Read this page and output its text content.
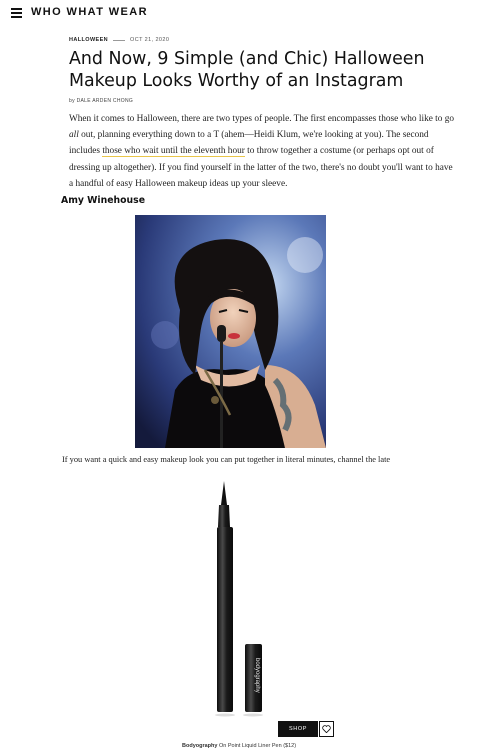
WHO WHAT WEAR
HALLOWEEN	OCT 21, 2020
And Now, 9 Simple (and Chic) Halloween Makeup Looks Worthy of an Instagram
by DALE ARDEN CHONG

When it comes to Halloween, there are two types of people. The first encompasses those who like to go all out, planning everything down to a T (ahem—Heidi Klum, we're looking at you). The second includes those who wait until the eleventh hour to throw together a costume (or perhaps opt out of dressing up altogether). If you find yourself in the latter of the two, there's no doubt you'll want to have a handful of easy Halloween makeup ideas up your sleeve.

Amy Winehouse

If you want a quick and easy makeup look you can put together in literal minutes, channel the late

bodyography
SHOP
Bodyography On Point Liquid Liner Pen ($12)
